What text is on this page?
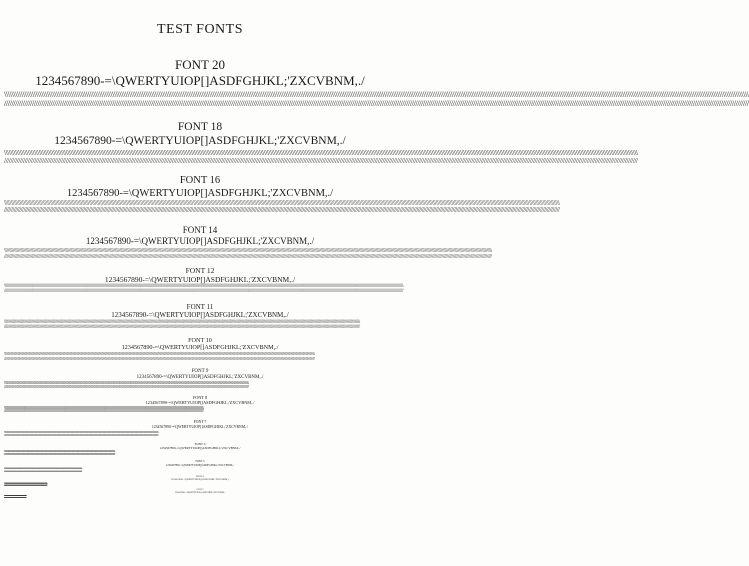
TEST FONTS
FONT 20
1234567890-=\QWERTYUIOP[]ASDFGHJKL;'ZXCVBNM,./
\\\\\\\\\\\\\\\\\\\\\\\\\\\\\\\\\\\\\\\\\\\\\\\\\\\\\\\\\\\\\\\\\\\\\\\\\\\\\\\\\\\\\\\\\\\\\\\\\\\\\\\\\\\\\\\\\\\\\\\\\\\\\\\\\\\\\\\\\\\\\\\\\\\\\\\\\\\\\\\\\\\\\\\\\\\\\\\\\\\\\\\\\\\\\\\\\\\\\\\\\\\\\\\\\\\\\\\\\\\\\\\\\\\\\\\\\\\\\\\\\\\\\\\\\\\\\\\\\\\\\\\\\\\\\\\\\\\\\\\\\\\\\\\\\\\\\\\\\\\\\\\\\\\\\\\\\\\\\\\\\\\\\\\\\\\\\\\\\\\\\\\\\\\\\\\\\\\\\\\\\\\\\\\\\\\\\\\\\\\\\\\\\\\\\\\\\\\\\\\\
////////////////////////////////////////////////////////////////////////////////////////////////////////////////////////////////////////////////////////////////////////////////////////////////////////////////////////////////////////////////////////////////////////////////////////////////////////////////////////////////////////////////////////////////////////////////////////////////////////////////
FONT 18
1234567890-=\QWERTYUIOP[]ASDFGHJKL;'ZXCVBNM,./
\\\\\\\\\\\\\\\\\\\\\\\\\\\\\\\\\\\\\\\\\\\\\\\\\\\\\\\\\\\\\\\\\\\\\\\\\\\\\\\\\\\\\\\\\\\\\\\\\\\\\\\\\\\\\\\\\\\\\\\\\\\\\\\\\\\\\\\\\\\\\\\\\\\\\\\\\\\\\\\\\\\\\\\\\\\\\\\\\\\\\\\\\\\\\\\\\\\\\\\\\\\\\\\\\\\\\\\\\\\\\\\\\\\\\\\\\\\\\\\\\\\\\\\\\\\\\\\\\\\\\\\\\\\\\\\\\\\\\\\\\\\\\\\\\\\\\\\\\\\\\\\\\\\\\\\\\\\\\\\\\\\\\\\\\\\\\\\\\\\\\\\\\\\\\\\\\\\\\\\\\\\\\\\\\\\\\\\\\\\\\\\\\\\\\\\\\\\\\\\\
////////////////////////////////////////////////////////////////////////////////////////////////////////////////////////////////////////////////////////////////////////////////////////////////////////////////////////////////////////////////////////////////////////////////////////////////////////////////////////////////////////////////////////////////////////////////////////////////////////////////
FONT 16
1234567890-=\QWERTYUIOP[]ASDFGHJKL;'ZXCVBNM,./
\\\\\\\\\\\\\\\\\\\\\\\\\\\\\\\\\\\\\\\\\\\\\\\\\\\\\\\\\\\\\\\\\\\\\\\\\\\\\\\\\\\\\\\\\\\\\\\\\\\\\\\\\\\\\\\\\\\\\\\\\\\\\\\\\\\\\\\\\\\\\\\\\\\\\\\\\\\\\\\\\\\\\\\\\\\\\\\\\\\\\\\\\\\\\\\\\\\\\\\\\\\\\\\\\\\\\\\\\\\\\\\\\\\\\\\\\\\\\\\\\\\\\\\\\\\\\\\\\\\\\\\\\\\\\\\\\\\\\\\\\\\\\\\\\\\\\\\\\\\\\\\\\\\\\\\\\\\\\\\\\\\\\\\\\\\\\\\\\\\\\\\\\\\\\\\\\\\\\\\\\\\\\\\\\\\\\\\\\\\\\\\\\\\\\\\\\\\\\\\\
////////////////////////////////////////////////////////////////////////////////////////////////////////////////////////////////////////////////////////////////////////////////////////////////////////////////////////////////////////////////////////////////////////////////////////////////////////////////////////////////////////////////////////////////////////////////////////////////////////////////
FONT 14
1234567890-=\QWERTYUIOP[]ASDFGHJKL;'ZXCVBNM,./
\\\\\\\\\\\\\\\\\\\\\\\\\\\\\\\\\\\\\\\\\\\\\\\\\\\\\\\\\\\\\\\\\\\\\\\\\\\\\\\\\\\\\\\\\\\\\\\\\\\\\\\\\\\\\\\\\\\\\\\\\\\\\\\\\\\\\\\\\\\\\\\\\\\\\\\\\\\\\\\\\\\\\\\\\\\\\\\\\\\\\\\\\\\\\\\\\\\\\\\\\\\\\\\\\\\\\\\\\\\\\\\\\\\\\\\\\\\\\\\\\\\\\\\\\\\\\\\\\\\\\\\\\\\\\\\\\\\\\\\\\\\\\\\\\\\\\\\\\\\\\\\\\\\\\\\\\\\\\\\\\\\\\\\\\\\\\\\\\\\\\\\\\\\\\\\\\\\\\\\\\\\\\\\\\\\\\\\\\\\\\\\\\\\\\\\\\\\\\\\\
////////////////////////////////////////////////////////////////////////////////////////////////////////////////////////////////////////////////////////////////////////////////////////////////////////////////////////////////////////////////////////////////////////////////////////////////////////////////////////////////////////////////////////////////////////////////////////////////////////////////
FONT 12
1234567890-=\QWERTYUIOP[]ASDFGHJKL;'ZXCVBNM,./
\\\\\\\\\\\\\\\\\\\\\\\\\\\\\\\\\\\\\\\\\\\\\\\\\\\\\\\\\\\\\\\\\\\\\\\\\\\\\\\\\\\\\\\\\\\\\\\\\\\\\\\\\\\\\\\\\\\\\\\\\\\\\\\\\\\\\\\\\\\\\\\\\\\\\\\\\\\\\\\\\\\\\\\\\\\\\\\\\\\\\\\\\\\\\\\\\\\\\\\\\\\\\\\\\\\\\\\\\\\\\\\\\\\\\\\\\\\\\\\\\\\\\\\\\\\\\\\\\\\\\\\\\\\\\\\\\\\\\\\\\\\\\\\\\\\\\\\\\\\\\\\\\\\\\\\\\\\\\\\\\\\\\\\\\\\\\\\\\\\\\\\\\\\\\\\\\\\\\\\\\\\\\\\\\\\\\\\\\\\\\\\\\\\\\\\\\\\\\\\\
////////////////////////////////////////////////////////////////////////////////////////////////////////////////////////////////////////////////////////////////////////////////////////////////////////////////////////////////////////////////////////////////////////////////////////////////////////////////////////////////////////////////////////////////////////////////////////////////////////////////
FONT 11
1234567890-=\QWERTYUIOP[]ASDFGHJKL;'ZXCVBNM,./
\\\\\\\\\\\\\\\\\\\\\\\\\\\\\\\\\\\\\\\\\\\\\\\\\\\\\\\\\\\\\\\\\\\\\\\\\\\\\\\\\\\\\\\\\\\\\\\\\\\\\\\\\\\\\\\\\\\\\\\\\\\\\\\\\\\\\\\\\\\\\\\\\\\\\\\\\\\\\\\\\\\\\\\\\\\\\\\\\\\\\\\\\\\\\\\\\\\\\\\\\\\\\\\\\\\\\\\\\\\\\\\\\\\\\\\\\\\\\\\\\\\\\\\\\\\\\\\\\\\\\\\\\\\\\\\\\\\\\\\\\\\\\\\\\\\\\\\\\\\\\\\\\\\\\\\\\\\\\\\\\\\\\\\\\\\\\\\\\\\\\\\\\\\\\\\\\\\\\\\\\\\\\\\\\\\\\\\\\\\\\\\\\\\\\\\\\\\\\\\\
////////////////////////////////////////////////////////////////////////////////////////////////////////////////////////////////////////////////////////////////////////////////////////////////////////////////////////////////////////////////////////////////////////////////////////////////////////////////////////////////////////////////////////////////////////////////////////////////////////////////
FONT 10
1234567890-=\QWERTYUIOP[]ASDFGHJKL;'ZXCVBNM,./
\\\\\\\\\\\\\\\\\\\\\\\\\\\\\\\\\\\\\\\\\\\\\\\\\\\\\\\\\\\\\\\\\\\\\\\\\\\\\\\\\\\\\\\\\\\\\\\\\\\\\\\\\\\\\\\\\\\\\\\\\\\\\\\\\\\\\\\\\\\\\\\\\\\\\\\\\\\\\\\\\\\\\\\\\\\\\\\\\\\\\\\\\\\\\\\\\\\\\\\\\\\\\\\\\\\\\\\\\\\\\\\\\\\\\\\\\\\\\\\\\\\\\\\\\\\\\\\\\\\\\\\\\\\\\\\\\\\\\\\\\\\\\\\\\\\\\\\\\\\\\\\\\\\\\\\\\\\\\\\\\\\\\\\\\\\\\\\\\\\\\\\\\\\\\\\\\\\\\\\\\\\\\\\\\\\\\\\\\\\\\\\\\\\\\\\\\\\\\\\\
////////////////////////////////////////////////////////////////////////////////////////////////////////////////////////////////////////////////////////////////////////////////////////////////////////////////////////////////////////////////////////////////////////////////////////////////////////////////////////////////////////////////////////////////////////////////////////////////////////////////
FONT 9
1234567890-=\QWERTYUIOP[]ASDFGHJKL;'ZXCVBNM,./
\\\\\\\\\\\\\\\\\\\\\\\\\\\\\\\\\\\\\\\\\\\\\\\\\\\\\\\\\\\\\\\\\\\\\\\\\\\\\\\\\\\\\\\\\\\\\\\\\\\\\\\\\\\\\\\\\\\\\\\\\\\\\\\\\\\\\\\\\\\\\\\\\\\\\\\\\\\\\\\\\\\\\\\\\\\\\\\\\\\\\\\\\\\\\\\\\\\\\\\\\\\\\\\\\\\\\\\\\\\\\\\\\\\\\\\\\\\\\\\\\\\\\\\\\\\\\\\\\\\\\\\\\\\\\\\\\\\\\\\\\\\\\\\\\\\\\\\\\\\\\\\\\\\\\\\\\\\\\\\\\\\\\\\\\\\\\\\\\\\\\\\\\\\\\\\\\\\\\\\\\\\\\\\\\\\\\\\\\\\\\\\\\\\\\\\\\\\\\\\\
////////////////////////////////////////////////////////////////////////////////////////////////////////////////////////////////////////////////////////////////////////////////////////////////////////////////////////////////////////////////////////////////////////////////////////////////////////////////////////////////////////////////////////////////////////////////////////////////////////////////
FONT 8
1234567890-=\QWERTYUIOP[]ASDFGHJKL;'ZXCVBNM,./
\\\\\\\\\\\\\\\\\\\\\\\\\\\\\\\\\\\\\\\\\\\\\\\\\\\\\\\\\\\\\\\\\\\\\\\\\\\\\\\\\\\\\\\\\\\\\\\\\\\\\\\\\\\\\\\\\\\\\\\\\\\\\\\\\\\\\\\\\\\\\\\\\\\\\\\\\\\\\\\\\\\\\\\\\\\\\\\\\\\\\\\\\\\\\\\\\\\\\\\\\\\\\\\\\\\\\\\\\\\\\\\\\\\\\\\\\\\\\\\\\\\\\\\\\\\\\\\\\\\\\\\\\\\\\\\\\\\\\\\\\\\\\\\\\\\\\\\\\\\\\\\\\\\\\\\\\\\\\\\\\\\\\\\\\\\\\\\\\\\\\\\\\\\\\\\\\\\\\\\\\\\\\\\\\\\\\\\\\\\\\\\\\\\\\\\\\\\\\\\\
////////////////////////////////////////////////////////////////////////////////////////////////////////////////////////////////////////////////////////////////////////////////////////////////////////////////////////////////////////////////////////////////////////////////////////////////////////////////////////////////////////////////////////////////////////////////////////////////////////////////
FONT 7
1234567890-=\QWERTYUIOP[]ASDFGHJKL;'ZXCVBNM,./
\\\\\\\\\\\\\\\\\\\\\\\\\\\\\\\\\\\\\\\\\\\\\\\\\\\\\\\\\\\\\\\\\\\\\\\\\\\\\\\\\\\\\\\\\\\\\\\\\\\\\\\\\\\\\\\\\\\\\\\\\\\\\\\\\\\\\\\\\\\\\\\\\\\\\\\\\\\\\\\\\\\\\\\\\\\\\\\\\\\\\\\\\\\\\\\\\\\\\\\\\\\\\\\\\\\\\\\\\\\\\\\\\\\\\\\\\\\\\\\\\\\\\\\\\\\\\\\\\\\\\\\\\\\\\\\\\\\\\\\\\\\\\\\\\\\\\\\\\\\\\\\\\\\\\\\\\\\\\\\\\\\\\\\\\\\\\\\\\\\\\\\\\\\\\\\\\\\\\\\\\\\\\\\\\\\\\\\\\\\\\\\\\\\\\\\\\\\\\\\\
////////////////////////////////////////////////////////////////////////////////////////////////////////////////////////////////////////////////////////////////////////////////////////////////////////////////////////////////////////////////////////////////////////////////////////////////////////////////////////////////////////////////////////////////////////////////////////////////////////////////
FONT 6
1234567890-=\QWERTYUIOP[]ASDFGHJKL;'ZXCVBNM,./
\\\\\\\\\\\\\\\\\\\\\\\\\\\\\\\\\\\\\\\\\\\\\\\\\\\\\\\\\\\\\\\\\\\\\\\\\\\\\\\\\\\\\\\\\\\\\\\\\\\\\\\\\\\\\\\\\\\\\\\\\\\\\\\\\\\\\\\\\\\\\\\\\\\\\\\\\\\\\\\\\\\\\\\\\\\\\\\\\\\\\\\\\\\\\\\\\\\\\\\\\\\\\\\\\\\\\\\\\\\\\\\\\\\\\\\\\\\\\\\\\\\\\\\\\\\\\\\\\\\\\\\\\\\\\\\\\\\\\\\\\\\\\\\\\\\\\\\\\\\\\\\\\\\\\\\\\\\\\\\\\\\\\\\\\\\\\\\\\\\\\\\\\\\\\\\\\\\\\\\\\\\\\\\\\\\\\\\\\\\\\\\\\\\\\\\\\\\\\\\\
////////////////////////////////////////////////////////////////////////////////////////////////////////////////////////////////////////////////////////////////////////////////////////////////////////////////////////////////////////////////////////////////////////////////////////////////////////////////////////////////////////////////////////////////////////////////////////////////////////////////
FONT 5
1234567890-=\QWERTYUIOP[]ASDFGHJKL;'ZXCVBNM,./
\\\\\\\\\\\\\\\\\\\\\\\\\\\\\\\\\\\\\\\\\\\\\\\\\\\\\\\\\\\\\\\\\\\\\\\\\\\\\\\\\\\\\\\\\\\\\\\\\\\\\\\\\\\\\\\\\\\\\\\\\\\\\\\\\\\\\\\\\\\\\\\\\\\\\\\\\\\\\\\\\\\\\\\\\\\\\\\\\\\\\\\\\\\\\\\\\\\\\\\\\\\\\\\\\\\\\\\\\\\\\\\\\\\\\\\\\\\\\\\\\\\\\\\\\\\\\\\\\\\\\\\\\\\\\\\\\\\\\\\\\\\\\\\\\\\\\\\\\\\\\\\\\\\\\\\\\\\\\\\\\\\\\\\\\\\\\\\\\\\\\\\\\\\\\\\\\\\\\\\\\\\\\\\\\\\\\\\\\\\\\\\\\\\\\\\\\\\\\\\\
////////////////////////////////////////////////////////////////////////////////////////////////////////////////////////////////////////////////////////////////////////////////////////////////////////////////////////////////////////////////////////////////////////////////////////////////////////////////////////////////////////////////////////////////////////////////////////////////////////////////
FONT 4
1234567890-=\QWERTYUIOP[]ASDFGHJKL;'ZXCVBNM,./
\\\\\\\\\\\\\\\\\\\\\\\\\\\\\\\\\\\\\\\\\\\\\\\\\\\\\\\\\\\\\\\\\\\\\\\\\\\\\\\\\\\\\\\\\\\\\\\\\\\\\\\\\\\\\\\\\\\\\\\\\\\\\\\\\\\\\\\\\\\\\\\\\\\\\\\\\\\\\\\\\\\\\\\\\\\\\\\\\\\\\\\\\\\\\\\\\\\\\\\\\\\\\\\\\\\\\\\\\\\\\\\\\\\\\\\\\\\\\\\\\\\\\\\\\\\\\\\\\\\\\\\\\\\\\\\\\\\\\\\\\\\\\\\\\\\\\\\\\\\\\\\\\\\\\\\\\\\\\\\\\\\\\\\\\\\\\\\\\\\\\\\\\\\\\\\\\\\\\\\\\\\\\\\\\\\\\\\\\\\\\\\\\\\\\\\\\\\\\\\\
////////////////////////////////////////////////////////////////////////////////////////////////////////////////////////////////////////////////////////////////////////////////////////////////////////////////////////////////////////////////////////////////////////////////////////////////////////////////////////////////////////////////////////////////////////////////////////////////////////////////
FONT 3
1234567890-=\QWERTYUIOP[]ASDFGHJKL;'ZXCVBNM,./
\\\\\\\\\\\\\\\\\\\\\\\\\\\\\\\\\\\\\\\\\\\\\\\\\\\\\\\\\\\\\\\\\\\\\\\\\\\\\\\\\\\\\\\\\\\\\\\\\\\\\\\\\\\\\\\\\\\\\\\\\\\\\\\\\\\\\\\\\\\\\\\\\\\\\\\\\\\\\\\\\\\\\\\\\\\\\\\\\\\\\\\\\\\\\\\\\\\\\\\\\\\\\\\\\\\\\\\\\\\\\\\\\\\\\\\\\\\\\\\\\\\\\\\\\\\\\\\\\\\\\\\\\\\\\\\\\\\\\\\\\\\\\\\\\\\\\\\\\\\\\\\\\\\\\\\\\\\\\\\\\\\\\\\\\\\\\\\\\\\\\\\\\\\\\\\\\\\\\\\\\\\\\\\\\\\\\\\\\\\\\\\\\\\\\\\\\\\\\\\\
////////////////////////////////////////////////////////////////////////////////////////////////////////////////////////////////////////////////////////////////////////////////////////////////////////////////////////////////////////////////////////////////////////////////////////////////////////////////////////////////////////////////////////////////////////////////////////////////////////////////
